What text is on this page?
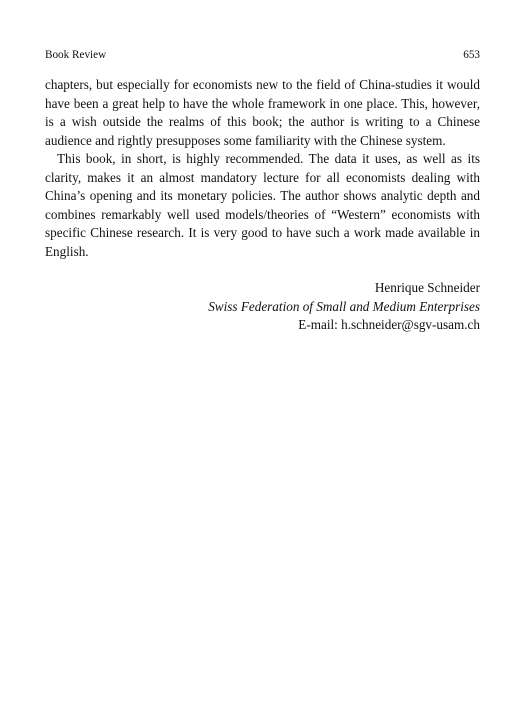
Book Review	653

chapters, but especially for economists new to the field of China-studies it would have been a great help to have the whole framework in one place. This, however, is a wish outside the realms of this book; the author is writing to a Chinese audience and rightly presupposes some familiarity with the Chinese system.

This book, in short, is highly recommended. The data it uses, as well as its clarity, makes it an almost mandatory lecture for all economists dealing with China’s opening and its monetary policies. The author shows analytic depth and combines remarkably well used models/theories of “Western” economists with specific Chinese research. It is very good to have such a work made available in English.

Henrique Schneider
Swiss Federation of Small and Medium Enterprises
E-mail: h.schneider@sgv-usam.ch
